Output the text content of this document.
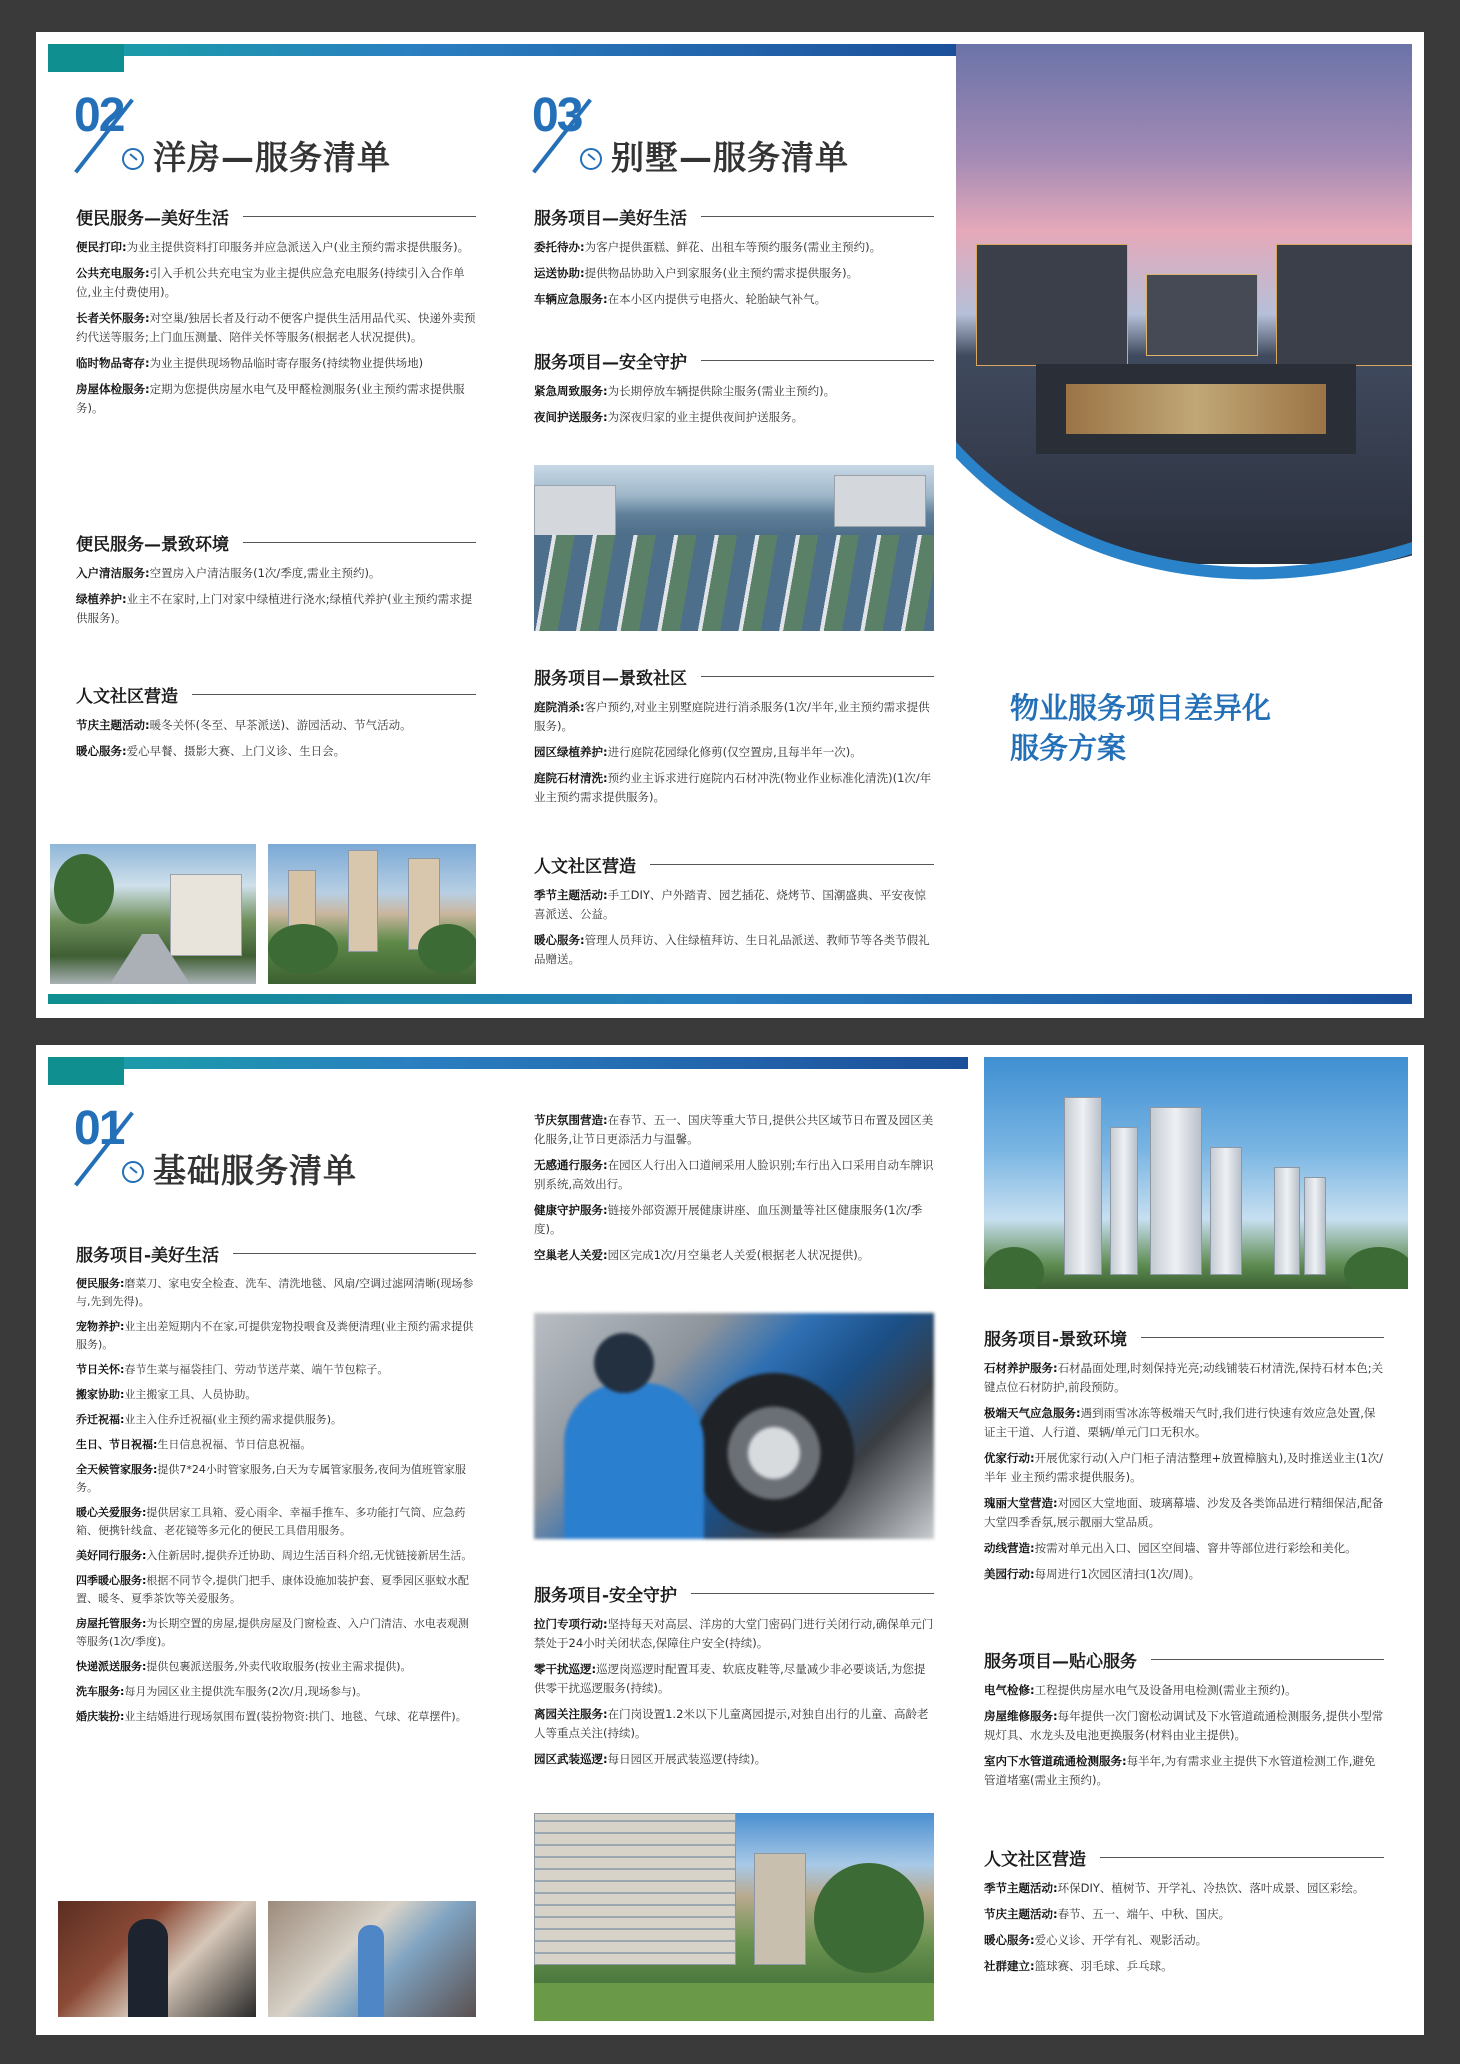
02
洋房—服务清单
便民服务—美好生活
便民打印:为业主提供资料打印服务并应急派送入户(业主预约需求提供服务)。
公共充电服务:引入手机公共充电宝为业主提供应急充电服务(持续引入合作单位,业主付费使用)。
长者关怀服务:对空巢/独居长者及行动不便客户提供生活用品代买、快递外卖预约代送等服务;上门血压测量、陪伴关怀等服务(根据老人状况提供)。
临时物品寄存:为业主提供现场物品临时寄存服务(持续物业提供场地)
房屋体检服务:定期为您提供房屋水电气及甲醛检测服务(业主预约需求提供服务)。
便民服务—景致环境
入户清洁服务:空置房入户清洁服务(1次/季度,需业主预约)。
绿植养护:业主不在家时,上门对家中绿植进行浇水;绿植代养护(业主预约需求提供服务)。
人文社区营造
节庆主题活动:暖冬关怀(冬至、早茶派送)、游园活动、节气活动。
暖心服务:爱心早餐、摄影大赛、上门义诊、生日会。
03
别墅—服务清单
服务项目—美好生活
委托待办:为客户提供蛋糕、鲜花、出租车等预约服务(需业主预约)。
运送协助:提供物品协助入户到家服务(业主预约需求提供服务)。
车辆应急服务:在本小区内提供亏电搭火、轮胎缺气补气。
服务项目—安全守护
紧急周致服务:为长期停放车辆提供除尘服务(需业主预约)。
夜间护送服务:为深夜归家的业主提供夜间护送服务。
服务项目—景致社区
庭院消杀:客户预约,对业主别墅庭院进行消杀服务(1次/半年,业主预约需求提供服务)。
园区绿植养护:进行庭院花园绿化修剪(仅空置房,且每半年一次)。
庭院石材清洗:预约业主诉求进行庭院内石材冲洗(物业作业标准化清洗)(1次/年业主预约需求提供服务)。
人文社区营造
季节主题活动:手工DIY、户外踏青、园艺插花、烧烤节、国潮盛典、平安夜惊喜派送、公益。
暖心服务:管理人员拜访、入住绿植拜访、生日礼品派送、教师节等各类节假礼品赠送。
物业服务项目差异化
服务方案
01
基础服务清单
服务项目-美好生活
便民服务:磨菜刀、家电安全检查、洗车、清洗地毯、风扇/空调过滤网清晰(现场参与,先到先得)。
宠物养护:业主出差短期内不在家,可提供宠物投喂食及粪便清理(业主预约需求提供服务)。
节日关怀:春节生菜与福袋挂门、劳动节送芹菜、端午节包粽子。
搬家协助:业主搬家工具、人员协助。
乔迁祝福:业主入住乔迁祝福(业主预约需求提供服务)。
生日、节日祝福:生日信息祝福、节日信息祝福。
全天候管家服务:提供7*24小时管家服务,白天为专属管家服务,夜间为值班管家服务。
暖心关爱服务:提供居家工具箱、爱心雨伞、幸福手推车、多功能打气筒、应急药箱、便携针线盒、老花镜等多元化的便民工具借用服务。
美好同行服务:入住新居时,提供乔迁协助、周边生活百科介绍,无忧链接新居生活。
四季暖心服务:根据不同节令,提供门把手、康体设施加装护套、夏季园区驱蚊水配置、暖冬、夏季茶饮等关爱服务。
房屋托管服务:为长期空置的房屋,提供房屋及门窗检查、入户门清洁、水电表观测等服务(1次/季度)。
快递派送服务:提供包裹派送服务,外卖代收取服务(按业主需求提供)。
洗车服务:每月为园区业主提供洗车服务(2次/月,现场参与)。
婚庆装扮:业主结婚进行现场氛围布置(装扮物资:拱门、地毯、气球、花草摆件)。
节庆氛围营造:在春节、五一、国庆等重大节日,提供公共区域节日布置及园区美化服务,让节日更添活力与温馨。
无感通行服务:在园区人行出入口道闸采用人脸识别;车行出入口采用自动车牌识别系统,高效出行。
健康守护服务:链接外部资源开展健康讲座、血压测量等社区健康服务(1次/季度)。
空巢老人关爱:园区完成1次/月空巢老人关爱(根据老人状况提供)。
服务项目-安全守护
拉门专项行动:坚持每天对高层、洋房的大堂门密码门进行关闭行动,确保单元门禁处于24小时关闭状态,保障住户安全(持续)。
零干扰巡逻:巡逻岗巡逻时配置耳麦、软底皮鞋等,尽量减少非必要谈话,为您提供零干扰巡逻服务(持续)。
离园关注服务:在门岗设置1.2米以下儿童离园提示,对独自出行的儿童、高龄老人等重点关注(持续)。
园区武装巡逻:每日园区开展武装巡逻(持续)。
服务项目-景致环境
石材养护服务:石材晶面处理,时刻保持光亮;动线铺装石材清洗,保持石材本色;关键点位石材防护,前段预防。
极端天气应急服务:遇到雨雪冰冻等极端天气时,我们进行快速有效应急处置,保证主干道、人行道、栗辆/单元门口无积水。
优家行动:开展优家行动(入户门柜子清洁整理+放置樟脑丸),及时推送业主(1次/半年 业主预约需求提供服务)。
瑰丽大堂营造:对园区大堂地面、玻璃幕墙、沙发及各类饰品进行精细保洁,配备大堂四季香氛,展示靓丽大堂品质。
动线营造:按需对单元出入口、园区空间墙、窨井等部位进行彩绘和美化。
美园行动:每周进行1次园区清扫(1次/周)。
服务项目—贴心服务
电气检修:工程提供房屋水电气及设备用电检测(需业主预约)。
房屋维修服务:每年提供一次门窗松动调试及下水管道疏通检测服务,提供小型常规灯具、水龙头及电池更换服务(材料由业主提供)。
室内下水管道疏通检测服务:每半年,为有需求业主提供下水管道检测工作,避免管道堵塞(需业主预约)。
人文社区营造
季节主题活动:环保DIY、植树节、开学礼、冷热饮、落叶成景、园区彩绘。
节庆主题活动:春节、五一、端午、中秋、国庆。
暖心服务:爱心义诊、开学有礼、观影活动。
社群建立:篮球赛、羽毛球、乒乓球。
